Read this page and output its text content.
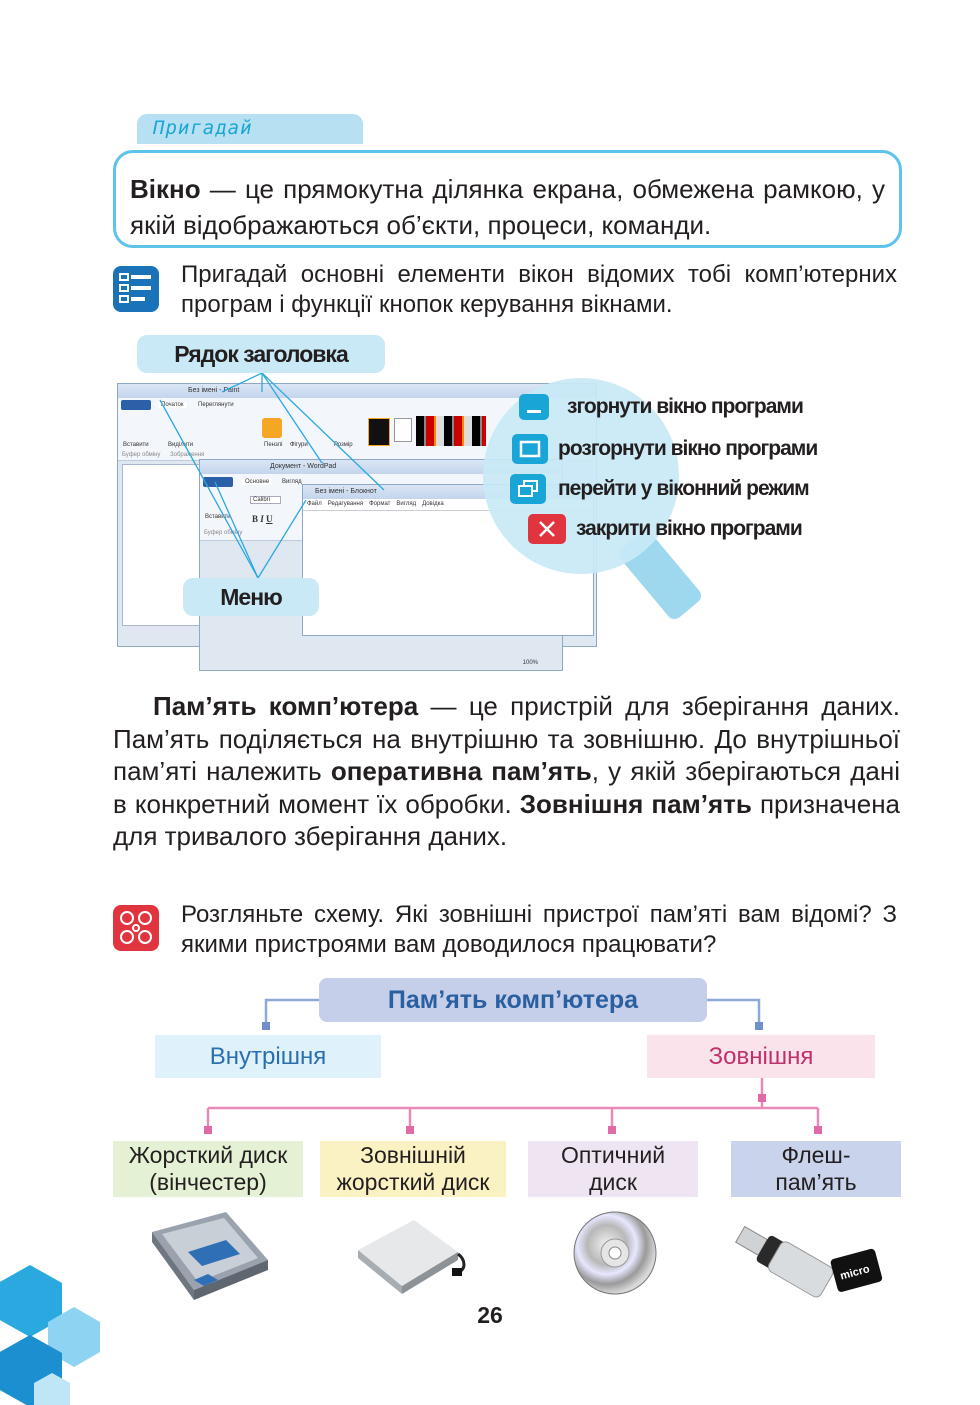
Пригадай

Вікно — це прямокутна ділянка екрана, обмежена рамкою, у якій відображаються об’єкти, процеси, команди.

Пригадай основні елементи вікон відомих тобі комп’ютерних програм і функції кнопок керування вікнами.
Без імені - Paint
Початок	Переглянути
Вставити	Виділити	Пензлі Фігури	Розмір
Буфер обміну Зображення
Документ - WordPad
Основне	Вигляд
Calibri
Вставити B I U
Буфер обміну
100%
Без імені - Блокнот
Файл Редагування Формат Вигляд Довідка
Рядок заголовка
Меню
згорнути вікно програми
розгорнути вікно програми
перейти у віконний режим
закрити вікно програми
Пам’ять комп’ютера — це пристрій для зберігання даних. Пам’ять поділяється на внутрішню та зовнішню. До внутрішньої пам’яті належить оперативна пам’ять, у якій зберігаються дані в конкретний момент їх обробки. Зовнішня пам’ять призначена для тривалого зберігання даних.
Розгляньте схему. Які зовнішні пристрої пам’яті вам відомі? З якими пристроями вам доводилося працювати?
Пам’ять комп’ютера
Внутрішня	Зовнішня
Жорсткий диск
(вінчестер)
Зовнішній
жорсткий диск
Оптичний
диск
Флеш-
пам’ять
micro
26
